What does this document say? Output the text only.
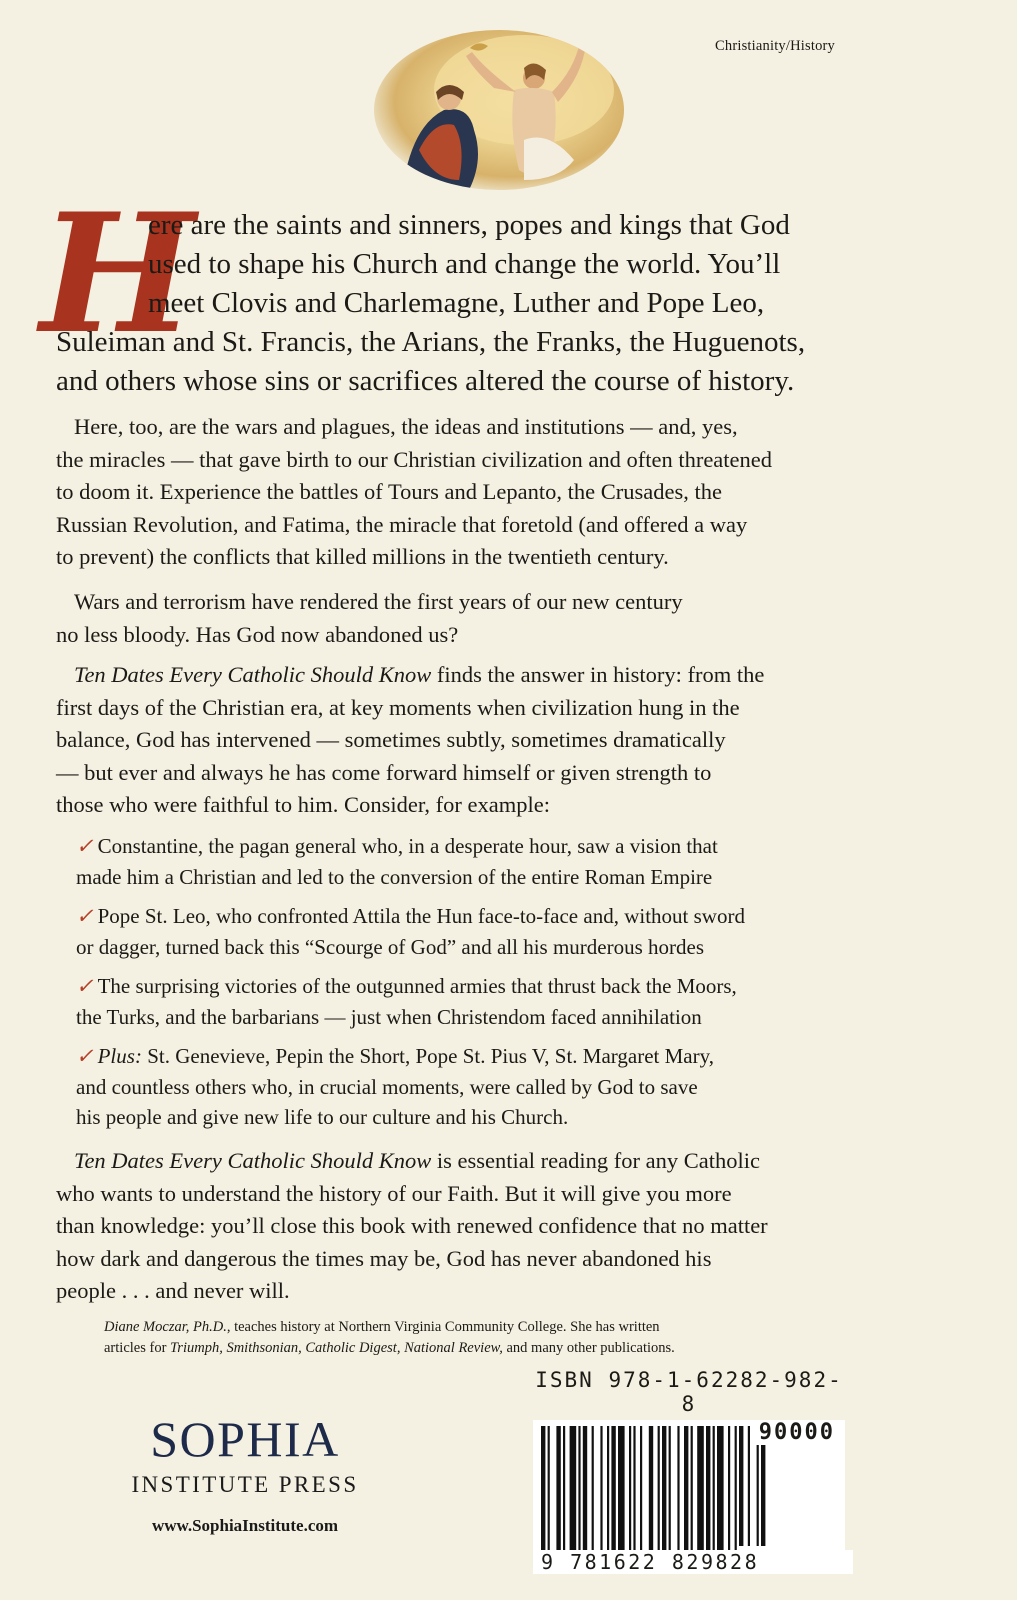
Christianity/History
H
ere are the saints and sinners, popes and kings that God
used to shape his Church and change the world. You’ll
meet Clovis and Charlemagne, Luther and Pope Leo,
Suleiman and St. Francis, the Arians, the Franks, the Huguenots,
and others whose sins or sacrifices altered the course of history.
Here, too, are the wars and plagues, the ideas and institutions — and, yes,
the miracles — that gave birth to our Christian civilization and often threatened
to doom it. Experience the battles of Tours and Lepanto, the Crusades, the
Russian Revolution, and Fatima, the miracle that foretold (and offered a way
to prevent) the conflicts that killed millions in the twentieth century.
Wars and terrorism have rendered the first years of our new century
no less bloody. Has God now abandoned us?
Ten Dates Every Catholic Should Know finds the answer in history: from the
first days of the Christian era, at key moments when civilization hung in the
balance, God has intervened — sometimes subtly, sometimes dramatically
— but ever and always he has come forward himself or given strength to
those who were faithful to him. Consider, for example:
✓ Constantine, the pagan general who, in a desperate hour, saw a vision that
made him a Christian and led to the conversion of the entire Roman Empire
✓ Pope St. Leo, who confronted Attila the Hun face-to-face and, without sword
or dagger, turned back this “Scourge of God” and all his murderous hordes
✓ The surprising victories of the outgunned armies that thrust back the Moors,
the Turks, and the barbarians — just when Christendom faced annihilation
✓ Plus: St. Genevieve, Pepin the Short, Pope St. Pius V, St. Margaret Mary,
and countless others who, in crucial moments, were called by God to save
his people and give new life to our culture and his Church.
Ten Dates Every Catholic Should Know is essential reading for any Catholic
who wants to understand the history of our Faith. But it will give you more
than knowledge: you’ll close this book with renewed confidence that no matter
how dark and dangerous the times may be, God has never abandoned his
people . . . and never will.
Diane Moczar, Ph.D., teaches history at Northern Virginia Community College. She has written
articles for Triumph, Smithsonian, Catholic Digest, National Review, and many other publications.
SOPHIA
INSTITUTE PRESS
www.SophiaInstitute.com
ISBN 978-1-62282-982-8
90000
9 781622 829828
